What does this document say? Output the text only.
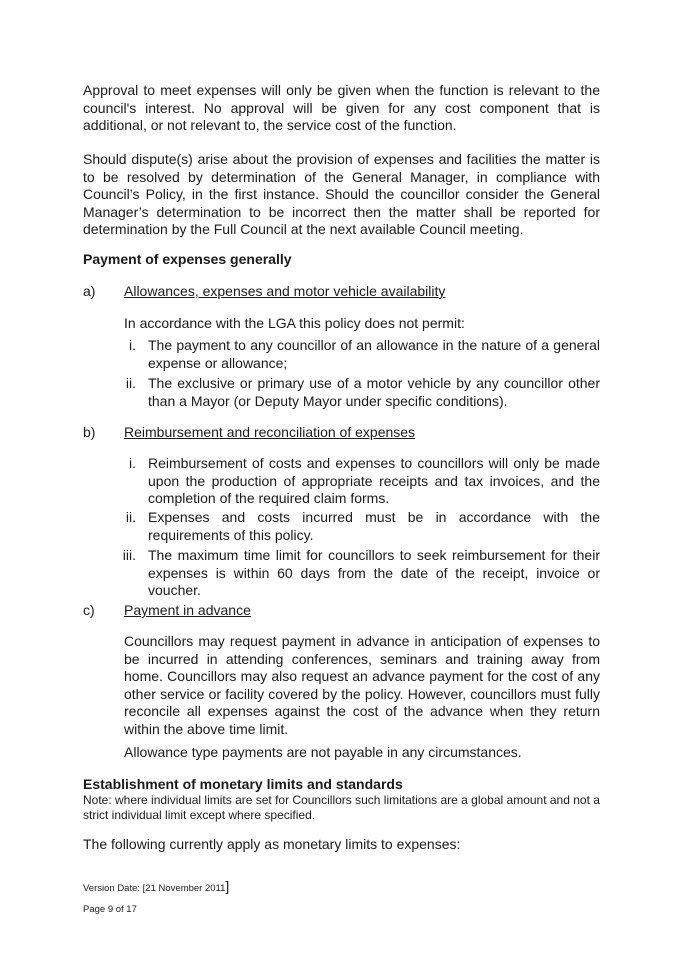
Approval to meet expenses will only be given when the function is relevant to the council's interest. No approval will be given for any cost component that is additional, or not relevant to, the service cost of the function.

Should dispute(s) arise about the provision of expenses and facilities the matter is to be resolved by determination of the General Manager, in compliance with Council’s Policy, in the first instance. Should the councillor consider the General Manager’s determination to be incorrect then the matter shall be reported for determination by the Full Council at the next available Council meeting.

Payment of expenses generally
a) Allowances, expenses and motor vehicle availability

In accordance with the LGA this policy does not permit:

i. The payment to any councillor of an allowance in the nature of a general expense or allowance;
ii. The exclusive or primary use of a motor vehicle by any councillor other than a Mayor (or Deputy Mayor under specific conditions).
b) Reimbursement and reconciliation of expenses
i. Reimbursement of costs and expenses to councillors will only be made upon the production of appropriate receipts and tax invoices, and the completion of the required claim forms.
ii. Expenses and costs incurred must be in accordance with the requirements of this policy.
iii. The maximum time limit for councillors to seek reimbursement for their expenses is within 60 days from the date of the receipt, invoice or voucher.
c) Payment in advance

Councillors may request payment in advance in anticipation of expenses to be incurred in attending conferences, seminars and training away from home. Councillors may also request an advance payment for the cost of any other service or facility covered by the policy. However, councillors must fully reconcile all expenses against the cost of the advance when they return within the above time limit.

Allowance type payments are not payable in any circumstances.

Establishment of monetary limits and standards

Note: where individual limits are set for Councillors such limitations are a global amount and not a strict individual limit except where specified.

The following currently apply as monetary limits to expenses:

Version Date: [21 November 2011]

Page 9 of 17
